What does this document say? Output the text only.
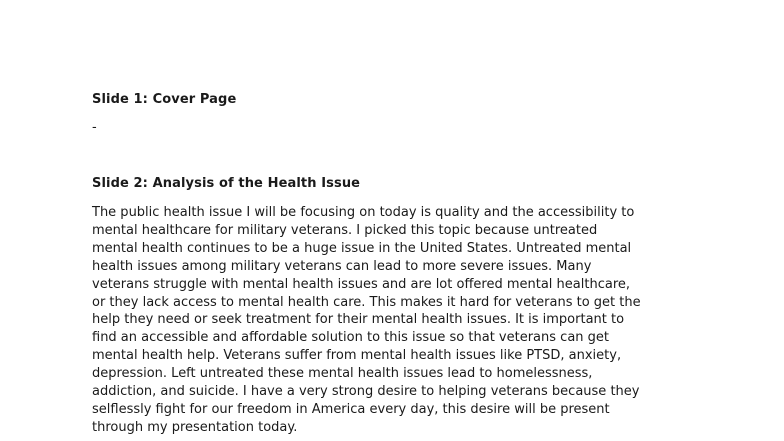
Slide 1: Cover Page

-

Slide 2: Analysis of the Health Issue

The public health issue I will be focusing on today is quality and the accessibility to
mental healthcare for military veterans. I picked this topic because untreated
mental health continues to be a huge issue in the United States. Untreated mental
health issues among military veterans can lead to more severe issues. Many
veterans struggle with mental health issues and are lot offered mental healthcare,
or they lack access to mental health care. This makes it hard for veterans to get the
help they need or seek treatment for their mental health issues. It is important to
find an accessible and affordable solution to this issue so that veterans can get
mental health help. Veterans suffer from mental health issues like PTSD, anxiety,
depression. Left untreated these mental health issues lead to homelessness,
addiction, and suicide. I have a very strong desire to helping veterans because they
selflessly fight for our freedom in America every day, this desire will be present
through my presentation today.
